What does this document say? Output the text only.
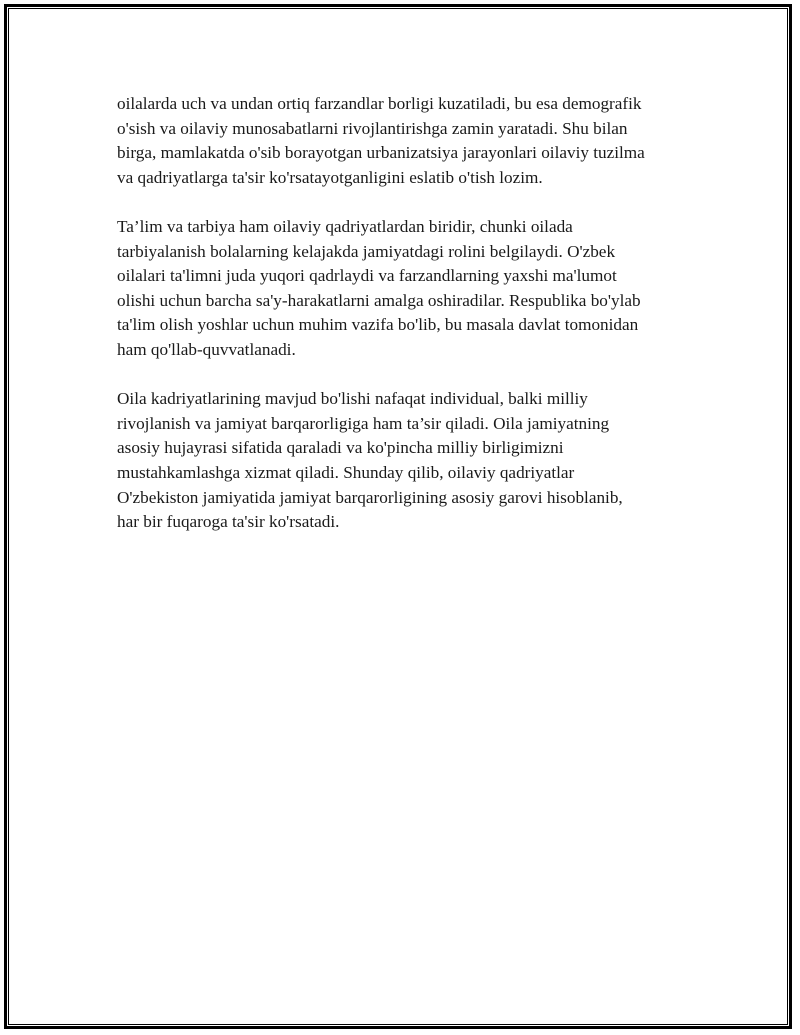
oilalarda uch va undan ortiq farzandlar borligi kuzatiladi, bu esa demografik
o'sish va oilaviy munosabatlarni rivojlantirishga zamin yaratadi. Shu bilan
birga, mamlakatda o'sib borayotgan urbanizatsiya jarayonlari oilaviy tuzilma
va qadriyatlarga ta'sir ko'rsatayotganligini eslatib o'tish lozim.

Ta’lim va tarbiya ham oilaviy qadriyatlardan biridir, chunki oilada
tarbiyalanish bolalarning kelajakda jamiyatdagi rolini belgilaydi. O'zbek
oilalari ta'limni juda yuqori qadrlaydi va farzandlarning yaxshi ma'lumot
olishi uchun barcha sa'y-harakatlarni amalga oshiradilar. Respublika bo'ylab
ta'lim olish yoshlar uchun muhim vazifa bo'lib, bu masala davlat tomonidan
ham qo'llab-quvvatlanadi.

Oila kadriyatlarining mavjud bo'lishi nafaqat individual, balki milliy
rivojlanish va jamiyat barqarorligiga ham ta’sir qiladi. Oila jamiyatning
asosiy hujayrasi sifatida qaraladi va ko'pincha milliy birligimizni
mustahkamlashga xizmat qiladi. Shunday qilib, oilaviy qadriyatlar
O'zbekiston jamiyatida jamiyat barqarorligining asosiy garovi hisoblanib,
har bir fuqaroga ta'sir ko'rsatadi.
